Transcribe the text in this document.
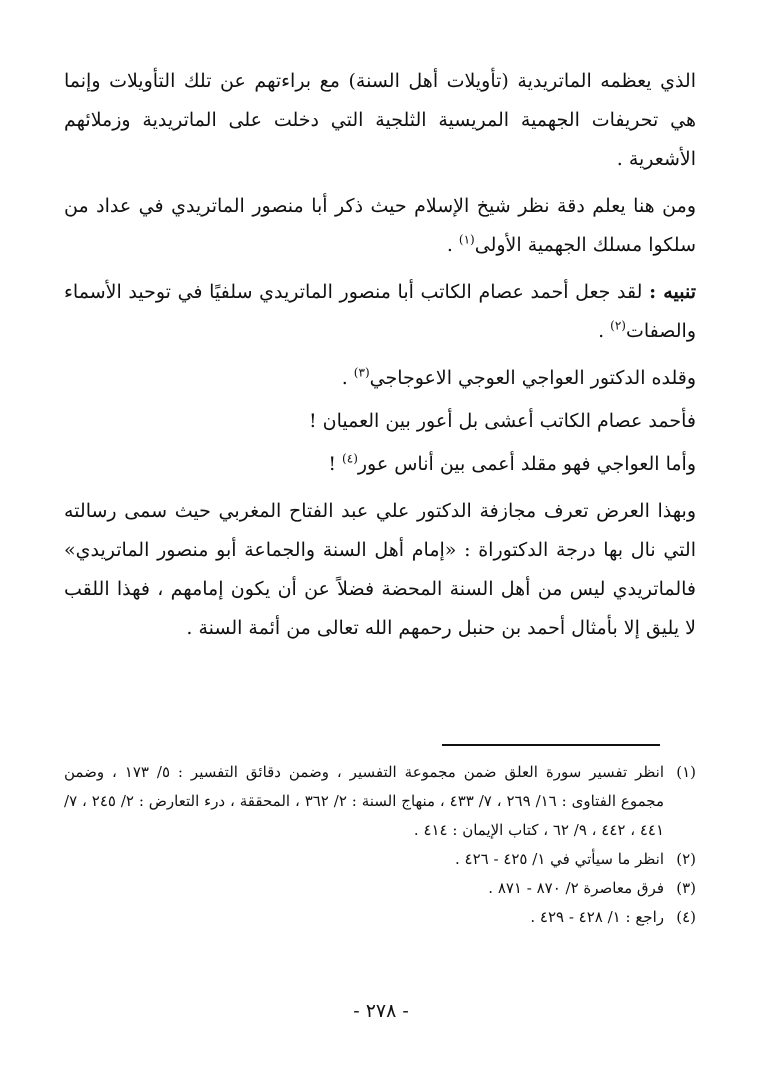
الذي يعظمه الماتريدية (تأويلات أهل السنة) مع براءتهم عن تلك التأويلات وإنما هي تحريفات الجهمية المريسية الثلجية التي دخلت على الماتريدية وزملائهم الأشعرية .

ومن هنا يعلم دقة نظر شيخ الإسلام حيث ذكر أبا منصور الماتريدي في عداد من سلكوا مسلك الجهمية الأولى$^{(١)}$ .

تنبيه : لقد جعل أحمد عصام الكاتب أبا منصور الماتريدي سلفيًا في توحيد الأسماء والصفات$^{(٢)}$ .

وقلده الدكتور العواجي العوجي الاعوجاجي$^{(٣)}$ .

فأحمد عصام الكاتب أعشى بل أعور بين العميان !

وأما العواجي فهو مقلد أعمى بين أناس عور$^{(٤)}$ !

وبهذا العرض تعرف مجازفة الدكتور علي عبد الفتاح المغربي حيث سمى رسالته التي نال بها درجة الدكتوراة : «إمام أهل السنة والجماعة أبو منصور الماتريدي» فالماتريدي ليس من أهل السنة المحضة فضلاً عن أن يكون إمامهم ، فهذا اللقب لا يليق إلا بأمثال أحمد بن حنبل رحمهم الله تعالى من أئمة السنة .

(١)
انظر تفسير سورة العلق ضمن مجموعة التفسير ، وضمن دقائق التفسير : ٥/ ١٧٣ ، وضمن مجموع الفتاوى : ١٦/ ٢٦٩ ، ٧/ ٤٣٣ ، منهاج السنة : ٢/ ٣٦٢ ، المحققة ، درء التعارض : ٢/ ٢٤٥ ، ٧/ ٤٤١ ، ٤٤٢ ، ٩/ ٦٢ ، كتاب الإيمان : ٤١٤ .
(٢)
انظر ما سيأتي في ١/ ٤٢٥ - ٤٢٦ .
(٣)
فرق معاصرة ٢/ ٨٧٠ - ٨٧١ .
(٤)
راجع : ١/ ٤٢٨ - ٤٢٩ .
- ٢٧٨ -
